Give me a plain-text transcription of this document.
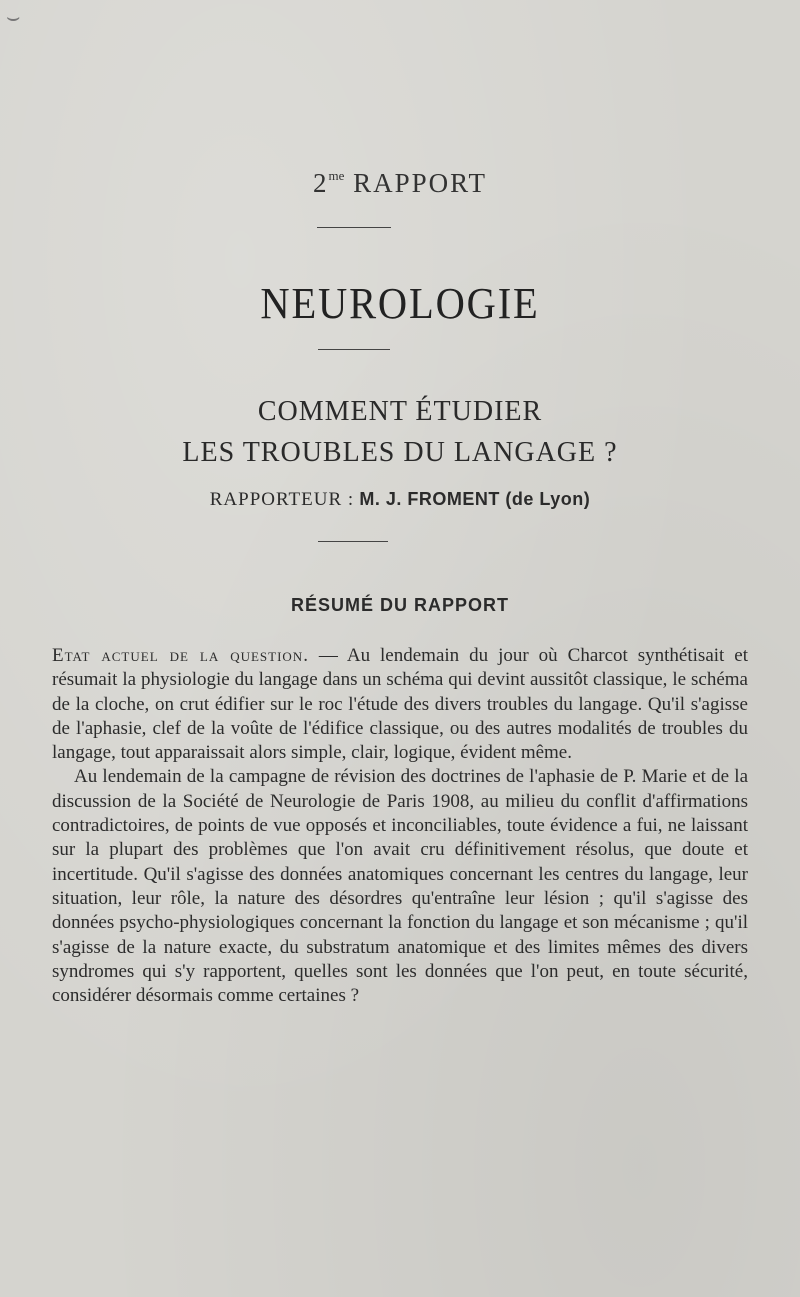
⌣
$2^{me}$ RAPPORT
NEUROLOGIE
COMMENT ÉTUDIER
LES TROUBLES DU LANGAGE ?
RAPPORTEUR : M. J. FROMENT (de Lyon)
RÉSUMÉ DU RAPPORT

Etat actuel de la question. — Au lendemain du jour où Charcot synthétisait et résumait la physiologie du langage dans un schéma qui devint aussitôt classique, le schéma de la cloche, on crut édifier sur le roc l'étude des divers troubles du langage. Qu'il s'agisse de l'aphasie, clef de la voûte de l'édifice classique, ou des autres modalités de troubles du langage, tout apparaissait alors simple, clair, logique, évident même.

Au lendemain de la campagne de révision des doctrines de l'aphasie de P. Marie et de la discussion de la Société de Neurologie de Paris 1908, au milieu du conflit d'affirmations contradictoires, de points de vue opposés et inconciliables, toute évidence a fui, ne laissant sur la plupart des problèmes que l'on avait cru définitivement résolus, que doute et incertitude. Qu'il s'agisse des données anatomiques concernant les centres du langage, leur situation, leur rôle, la nature des désordres qu'entraîne leur lésion ; qu'il s'agisse des données psycho-physiologiques concernant la fonction du langage et son mécanisme ; qu'il s'agisse de la nature exacte, du substratum anatomique et des limites mêmes des divers syndromes qui s'y rapportent, quelles sont les données que l'on peut, en toute sécurité, considérer désormais comme certaines ?
